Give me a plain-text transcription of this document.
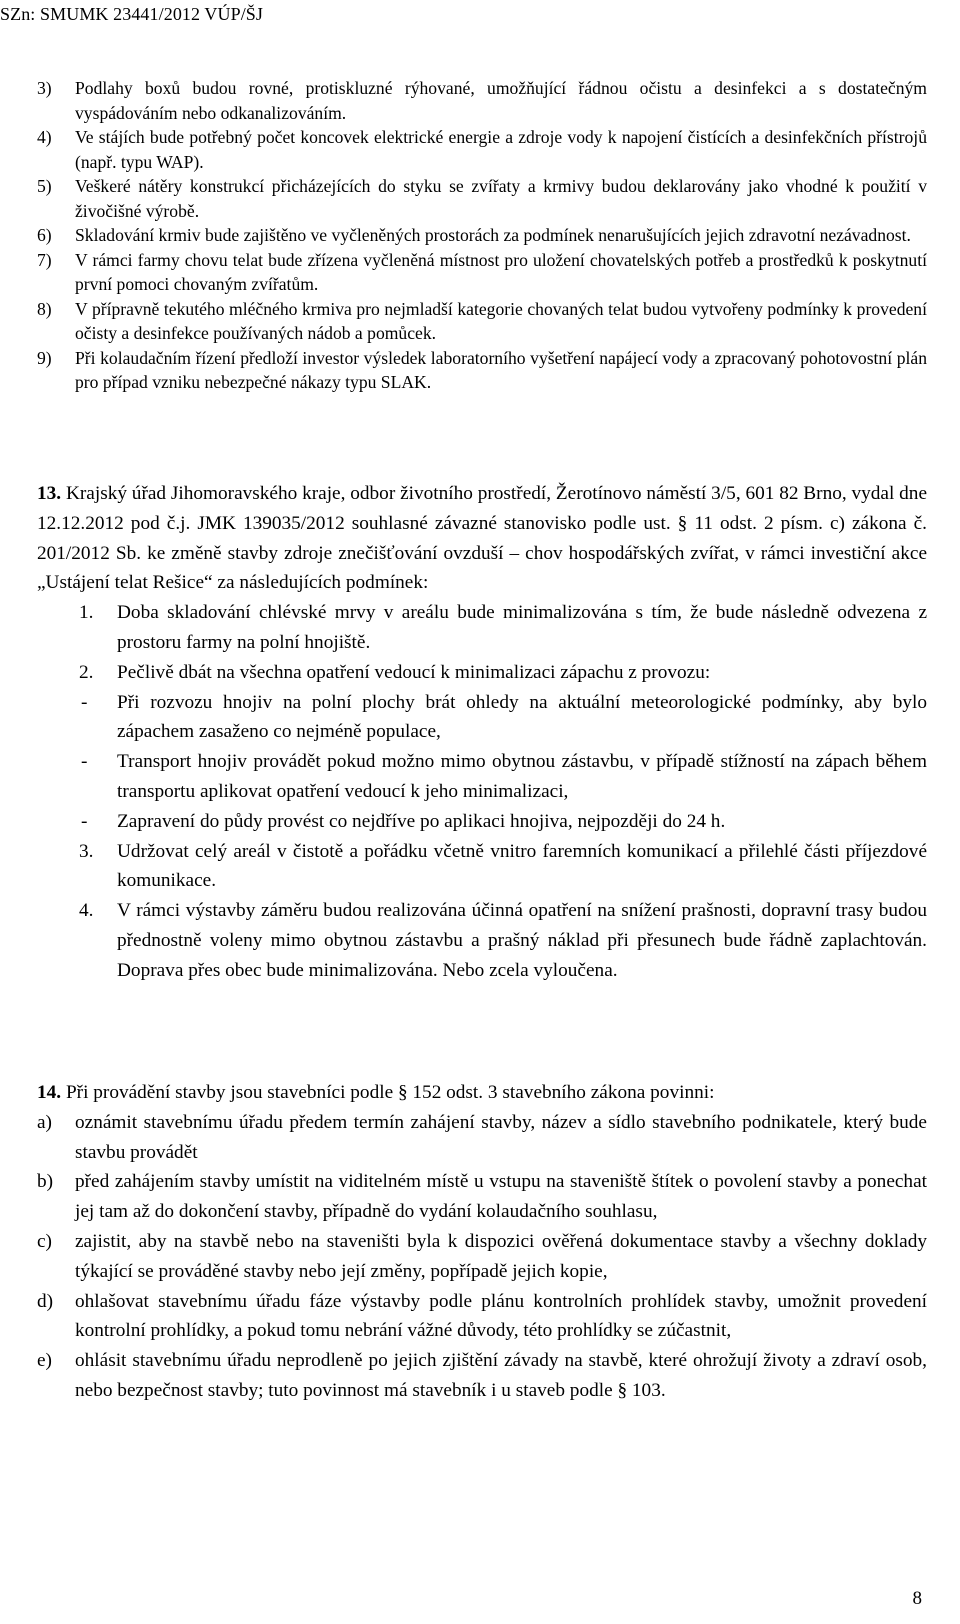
SZn: SMUMK 23441/2012 VÚP/ŠJ
3)	Podlahy boxů budou rovné, protiskluzné rýhované, umožňující řádnou očistu a desinfekci a s dostatečným vyspádováním nebo odkanalizováním.
4)	Ve stájích bude potřebný počet koncovek elektrické energie a zdroje vody k napojení čistících a desinfekčních přístrojů (např. typu WAP).
5)	Veškeré nátěry konstrukcí přicházejících do styku se zvířaty a krmivy budou deklarovány jako vhodné k použití v živočišné výrobě.
6)	Skladování krmiv bude zajištěno ve vyčleněných prostorách za podmínek nenarušujících jejich zdravotní nezávadnost.
7)	V rámci farmy chovu telat bude zřízena vyčleněná místnost pro uložení chovatelských potřeb a prostředků k poskytnutí první pomoci chovaným zvířatům.
8)	V přípravně tekutého mléčného krmiva pro nejmladší kategorie chovaných telat budou vytvořeny podmínky k provedení očisty a desinfekce používaných nádob a pomůcek.
9)	Při kolaudačním řízení předloží investor výsledek laboratorního vyšetření napájecí vody a zpracovaný pohotovostní plán pro případ vzniku nebezpečné nákazy typu SLAK.
13. Krajský úřad Jihomoravského kraje, odbor životního prostředí, Žerotínovo náměstí 3/5, 601 82 Brno, vydal dne 12.12.2012 pod č.j. JMK 139035/2012 souhlasné závazné stanovisko podle ust. § 11 odst. 2 písm. c) zákona č. 201/2012 Sb. ke změně stavby zdroje znečišťování ovzduší – chov hospodářských zvířat, v rámci investiční akce „Ustájení telat Rešice“ za následujících podmínek:
1.	Doba skladování chlévské mrvy v areálu bude minimalizována s tím, že bude následně odvezena z prostoru farmy na polní hnojiště.
2.	Pečlivě dbát na všechna opatření vedoucí k minimalizaci zápachu z provozu:
-	Při rozvozu hnojiv na polní plochy brát ohledy na aktuální meteorologické podmínky, aby bylo zápachem zasaženo co nejméně populace,
-	Transport hnojiv provádět pokud možno mimo obytnou zástavbu, v případě stížností na zápach během transportu aplikovat opatření vedoucí k jeho minimalizaci,
-	Zapravení do půdy provést co nejdříve po aplikaci hnojiva, nejpozději do 24 h.
3.	Udržovat celý areál v čistotě a pořádku včetně vnitro faremních komunikací a přilehlé části příjezdové komunikace.
4.	V rámci výstavby záměru budou realizována účinná opatření na snížení prašnosti, dopravní trasy budou přednostně voleny mimo obytnou zástavbu a prašný náklad při přesunech bude řádně zaplachtován. Doprava přes obec bude minimalizována. Nebo zcela vyloučena.
14. Při provádění stavby jsou stavebníci podle § 152 odst. 3 stavebního zákona povinni:
a)	oznámit stavebnímu úřadu předem termín zahájení stavby, název a sídlo stavebního podnikatele, který bude stavbu provádět
b)	před zahájením stavby umístit na viditelném místě u vstupu na staveniště štítek o povolení stavby a ponechat jej tam až do dokončení stavby, případně do vydání kolaudačního souhlasu,
c)	zajistit, aby na stavbě nebo na staveništi byla k dispozici ověřená dokumentace stavby a všechny doklady týkající se prováděné stavby nebo její změny, popřípadě jejich kopie,
d)	ohlašovat stavebnímu úřadu fáze výstavby podle plánu kontrolních prohlídek stavby, umožnit provedení kontrolní prohlídky, a pokud tomu nebrání vážné důvody, této prohlídky se zúčastnit,
e)	ohlásit stavebnímu úřadu neprodleně po jejich zjištění závady na stavbě, které ohrožují životy a zdraví osob, nebo bezpečnost stavby; tuto povinnost má stavebník i u staveb podle § 103.
8
